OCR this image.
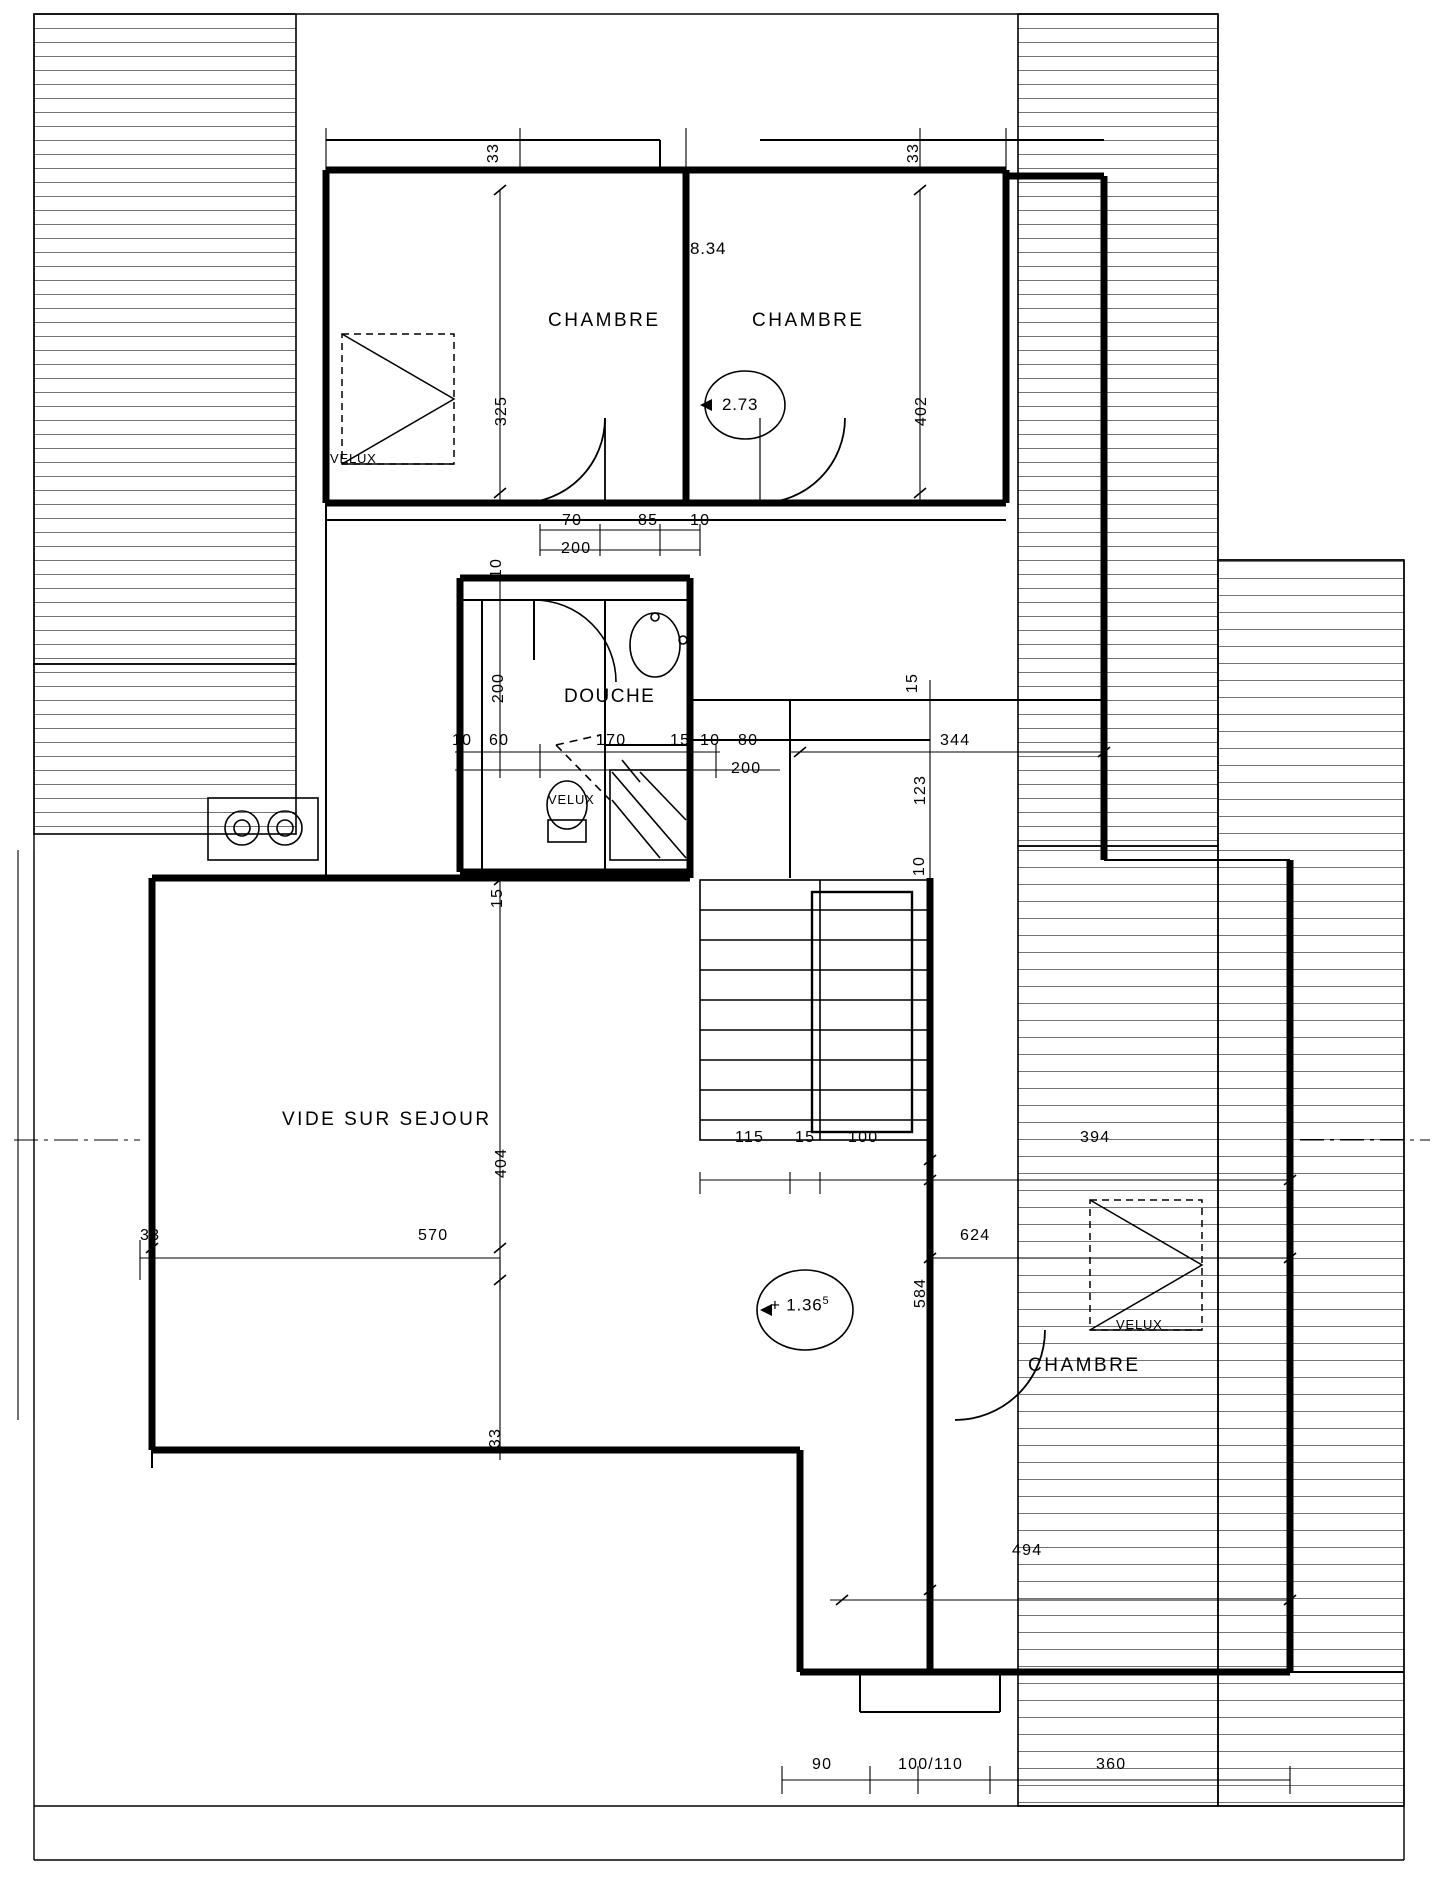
CHAMBRE	CHAMBRE
CHAMBRE
DOUCHE
VIDE SUR SEJOUR
VELUX
VELUX
VELUX
8.34
2.73
+ $1.36^5$
33	33
325	402
70
200
85 10
10
200
10 60	170	15 10 80
200
15
344
123
10
15
404
570
33
33
115 15 100	394
624
584
494
90	100/110	360
